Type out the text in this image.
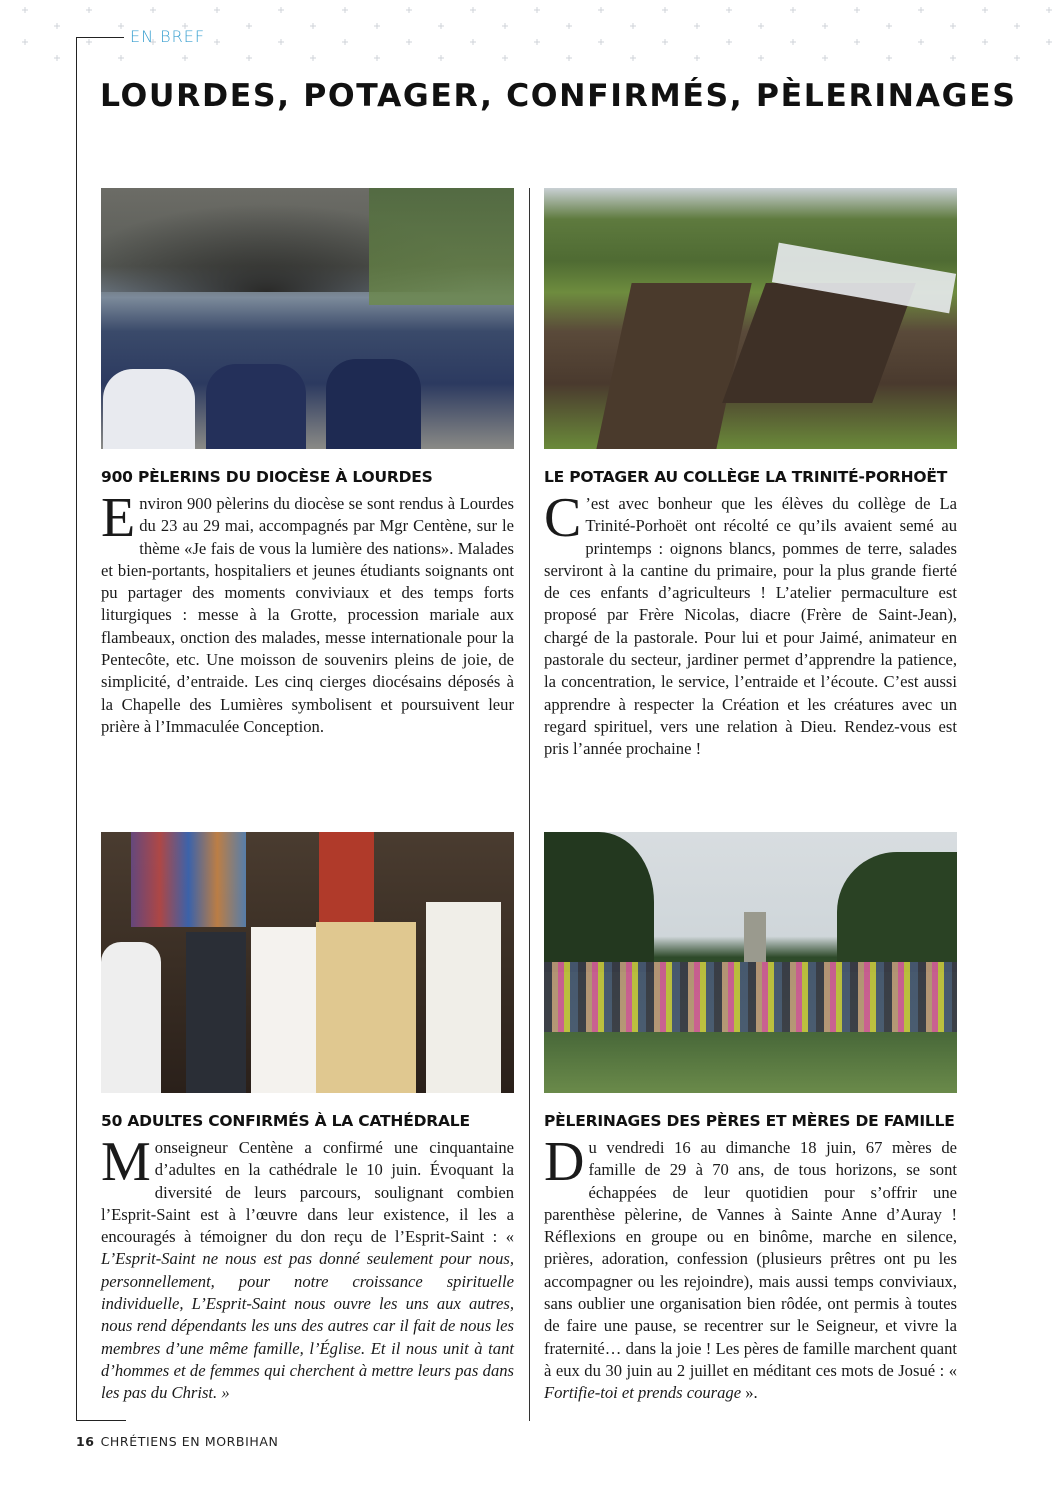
EN BREF
LOURDES, POTAGER, CONFIRMÉS, PÈLERINAGES
900 PÈLERINS DU DIOCÈSE À LOURDES

Environ 900 pèlerins du diocèse se sont rendus à Lourdes du 23 au 29 mai, accompagnés par Mgr Centène, sur le thème «Je fais de vous la lumière des nations». Malades et bien-portants, hospitaliers et jeunes étudiants soignants ont pu partager des moments conviviaux et des temps forts liturgiques : messe à la Grotte, procession mariale aux flambeaux, onction des malades, messe internationale pour la Pentecôte, etc. Une moisson de souvenirs pleins de joie, de simplicité, d’entraide. Les cinq cierges diocésains déposés à la Chapelle des Lumières symbolisent et poursuivent leur prière à l’Immaculée Conception.

LE POTAGER AU COLLÈGE LA TRINITÉ-PORHOËT

C ’est avec bonheur que les élèves du collège de La Trinité-Porhoët ont récolté ce qu’ils avaient semé au printemps : oignons blancs, pommes de terre, salades serviront à la cantine du primaire, pour la plus grande fierté de ces enfants d’agriculteurs ! L’atelier permaculture est proposé par Frère Nicolas, diacre (Frère de Saint-Jean), chargé de la pastorale. Pour lui et pour Jaimé, animateur en pastorale du secteur, jardiner permet d’apprendre la patience, la concentration, le service, l’entraide et l’écoute. C’est aussi apprendre à respecter la Création et les créatures avec un regard spirituel, vers une relation à Dieu. Rendez-vous est pris l’année prochaine !

50 ADULTES CONFIRMÉS À LA CATHÉDRALE

Monseigneur Centène a confirmé une cinquantaine d’adultes en la cathédrale le 10 juin. Évoquant la diversité de leurs parcours, soulignant combien l’Esprit-Saint est à l’œuvre dans leur existence, il les a encouragés à témoigner du don reçu de l’Esprit-Saint : « L’Esprit-Saint ne nous est pas donné seulement pour nous, personnellement, pour notre croissance spirituelle individuelle, L’Esprit-Saint nous ouvre les uns aux autres, nous rend dépendants les uns des autres car il fait de nous les membres d’une même famille, l’Église. Et il nous unit à tant d’hommes et de femmes qui cherchent à mettre leurs pas dans les pas du Christ. »

PÈLERINAGES DES PÈRES ET MÈRES DE FAMILLE

Du vendredi 16 au dimanche 18 juin, 67 mères de famille de 29 à 70 ans, de tous horizons, se sont échappées de leur quotidien pour s’offrir une parenthèse pèlerine, de Vannes à Sainte Anne d’Auray ! Réflexions en groupe ou en binôme, marche en silence, prières, adoration, confession (plusieurs prêtres ont pu les accompagner ou les rejoindre), mais aussi temps conviviaux, sans oublier une organisation bien rôdée, ont permis à toutes de faire une pause, se recentrer sur le Seigneur, et vivre la fraternité… dans la joie ! Les pères de famille marchent quant à eux du 30 juin au 2 juillet en méditant ces mots de Josué : « Fortifie-toi et prends courage ».

16 CHRÉTIENS EN MORBIHAN
